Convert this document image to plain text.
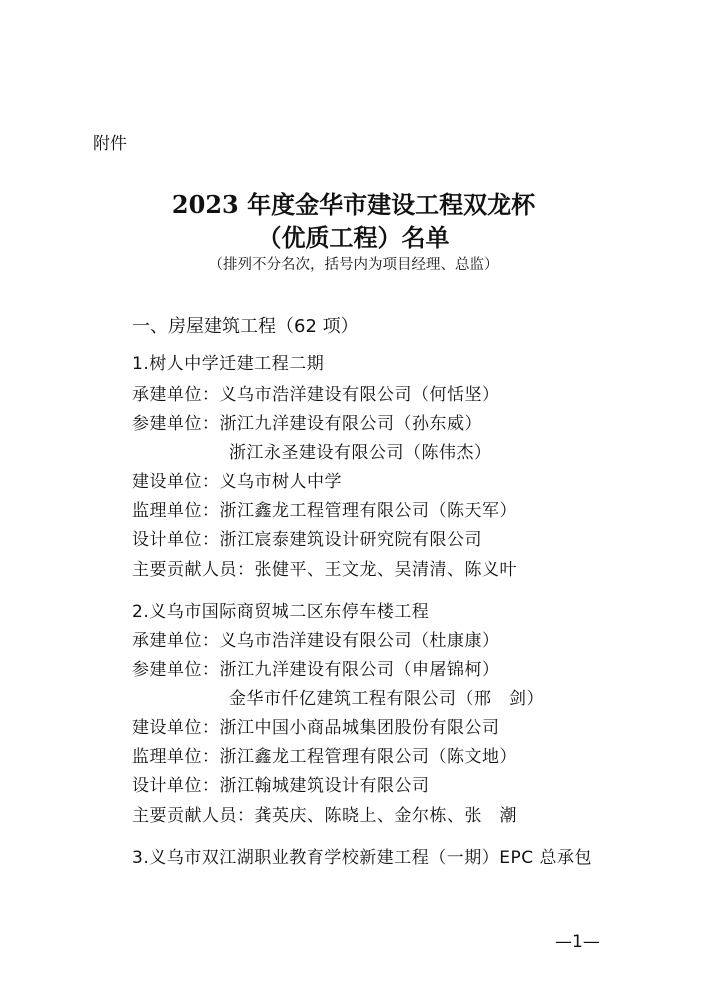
附件
2023 年度金华市建设工程双龙杯
（优质工程）名单
（排列不分名次，括号内为项目经理、总监）
一、房屋建筑工程（62 项）
1.树人中学迁建工程二期
承建单位：义乌市浩洋建设有限公司（何恬坚）
参建单位：浙江九洋建设有限公司（孙东威）
浙江永圣建设有限公司（陈伟杰）
建设单位：义乌市树人中学
监理单位：浙江鑫龙工程管理有限公司（陈天军）
设计单位：浙江宸泰建筑设计研究院有限公司
主要贡献人员：张健平、王文龙、吴清清、陈义叶
2.义乌市国际商贸城二区东停车楼工程
承建单位：义乌市浩洋建设有限公司（杜康康）
参建单位：浙江九洋建设有限公司（申屠锦柯）
金华市仟亿建筑工程有限公司（邢　剑）
建设单位：浙江中国小商品城集团股份有限公司
监理单位：浙江鑫龙工程管理有限公司（陈文地）
设计单位：浙江翰城建筑设计有限公司
主要贡献人员：龚英庆、陈晓上、金尔栋、张　潮
3.义乌市双江湖职业教育学校新建工程（一期）EPC 总承包
—1—
